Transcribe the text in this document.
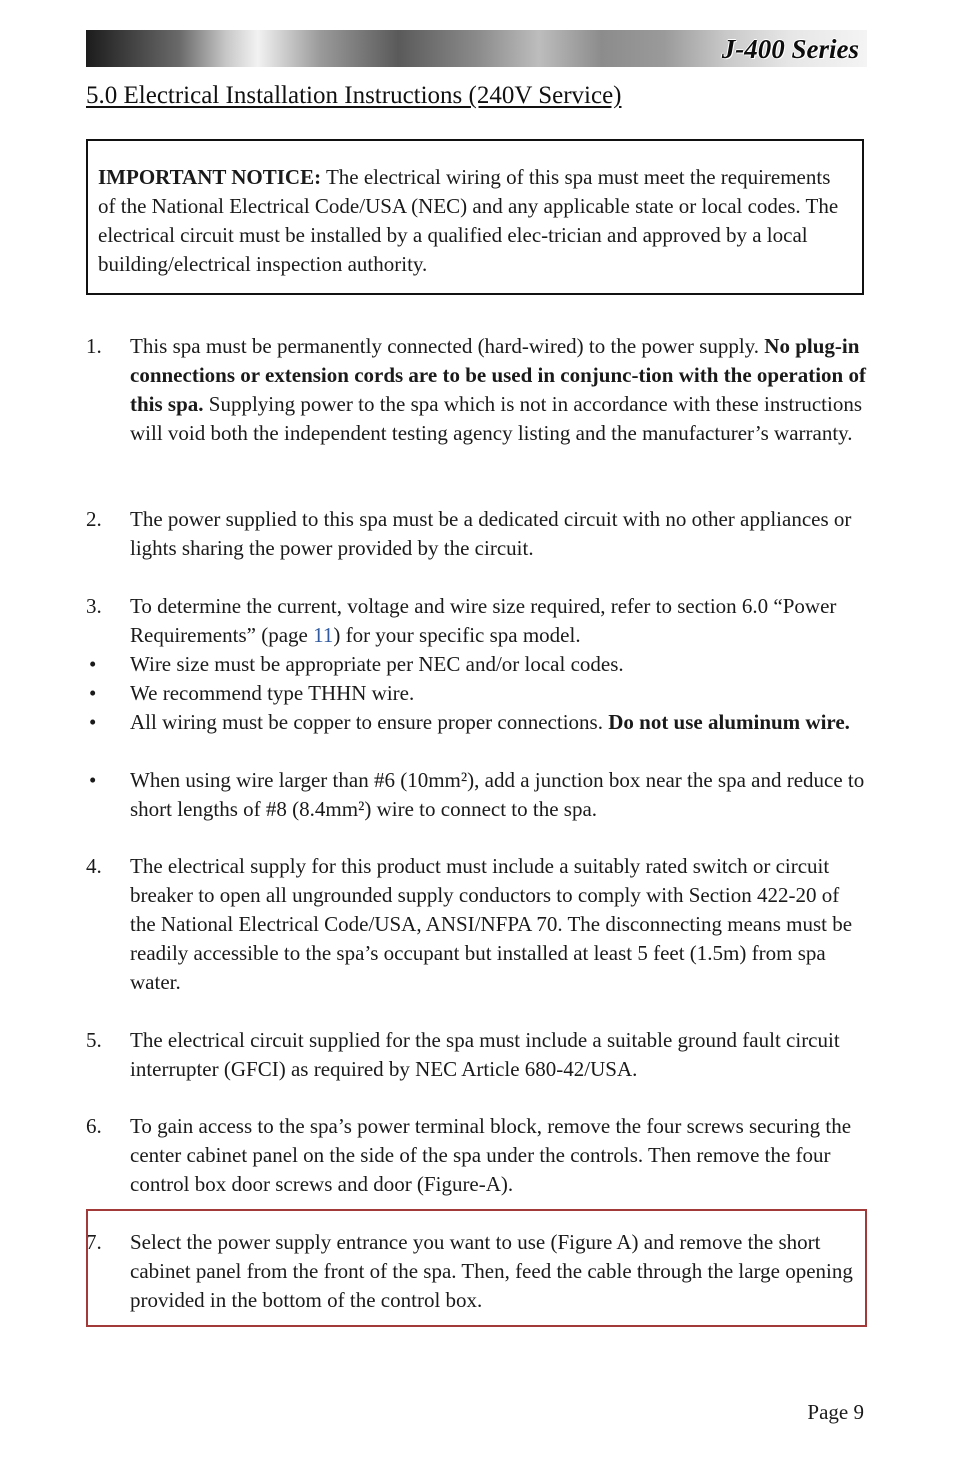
J-400 Series
5.0 Electrical Installation Instructions (240V Service)
IMPORTANT NOTICE: The electrical wiring of this spa must meet the requirements of the National Electrical Code/USA (NEC) and any applicable state or local codes. The electrical circuit must be installed by a qualified elec-trician and approved by a local building/electrical inspection authority.
1.	This spa must be permanently connected (hard-wired) to the power supply. No plug-in connections or extension cords are to be used in conjunc-tion with the operation of this spa. Supplying power to the spa which is not in accordance with these instructions will void both the independent testing agency listing and the manufacturer’s warranty.
2.	The power supplied to this spa must be a dedicated circuit with no other appliances or lights sharing the power provided by the circuit.
3.	To determine the current, voltage and wire size required, refer to section 6.0 “Power Requirements” (page 11) for your specific spa model.
• Wire size must be appropriate per NEC and/or local codes.
• We recommend type THHN wire.
• All wiring must be copper to ensure proper connections. Do not use aluminum wire.
• When using wire larger than #6 (10mm²), add a junction box near the spa and reduce to short lengths of #8 (8.4mm²) wire to connect to the spa.
4.	The electrical supply for this product must include a suitably rated switch or circuit breaker to open all ungrounded supply conductors to comply with Section 422-20 of the National Electrical Code/USA, ANSI/NFPA 70. The disconnecting means must be readily accessible to the spa’s occupant but installed at least 5 feet (1.5m) from spa water.
5.	The electrical circuit supplied for the spa must include a suitable ground fault circuit interrupter (GFCI) as required by NEC Article 680-42/USA.
6.	To gain access to the spa’s power terminal block, remove the four screws securing the center cabinet panel on the side of the spa under the controls. Then remove the four control box door screws and door (Figure-A).
7.	Select the power supply entrance you want to use (Figure A) and remove the short cabinet panel from the front of the spa. Then, feed the cable through the large opening provided in the bottom of the control box.
Page 9
